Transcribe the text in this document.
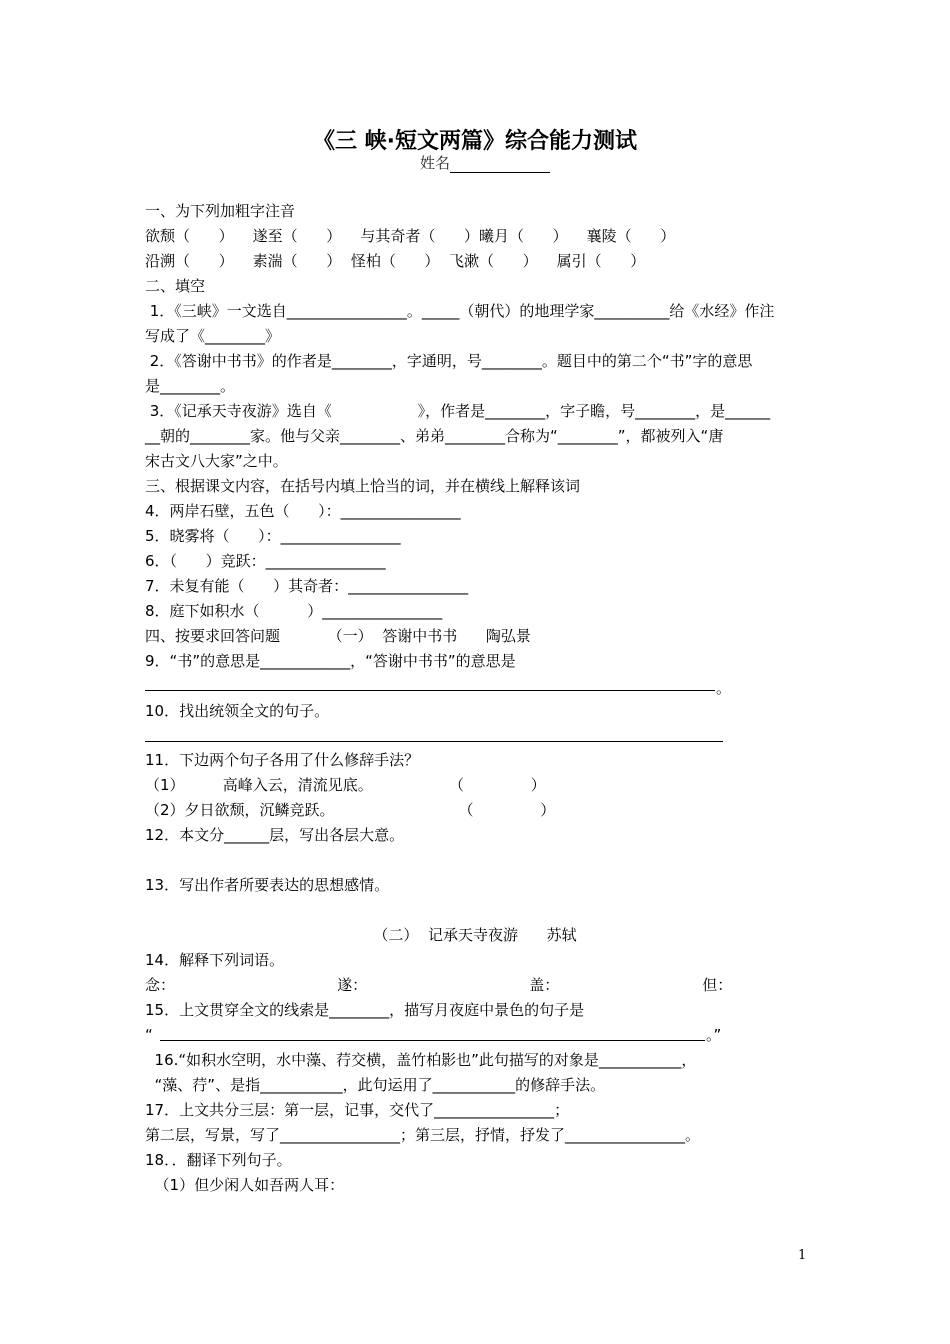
《三 峡·短文两篇》综合能力测试
姓名
一、为下列加粗字注音
欲颓（      ）    遂至（      ）    与其奇者（      ）曦月（      ）    襄陵（      ）
沿溯（      ）    素湍（      ）  怪柏（      ）  飞漱（      ）    属引（      ）
二、填空
1．《三峡》一文选自________________。_____（朝代）的地理学家__________给《水经》作注
写成了《________》
2．《答谢中书书》的作者是________，字通明，号________。题目中的第二个“书”字的意思
是________。
3．《记承天寺夜游》选自《                  》，作者是________，字子瞻，号________，是______
__朝的________家。他与父亲________、弟弟________合称为“________”，都被列入“唐
宋古文八大家”之中。
三、根据课文内容，在括号内填上恰当的词，并在横线上解释该词
4．两岸石壁，五色（      ）：________________
5．晓雾将（      ）：________________
6．（      ）竞跃：________________
7．未复有能（      ）其奇者：________________
8．庭下如积水（          ）________________
四、按要求回答问题          （一）  答谢中书书      陶弘景
9．“书”的意思是____________，“答谢中书书”的意思是
。
10．找出统领全文的句子。
11．下边两个句子各用了什么修辞手法？
（1）        高峰入云，清流见底。                （              ）
（2）夕日欲颓，沉鳞竞跃。                          （              ）
12．本文分______层，写出各层大意。
13．写出作者所要表达的思想感情。
（二）  记承天寺夜游      苏轼
14．解释下列词语。
念：                                  遂：                                  盖：                              但：
15．上文贯穿全文的线索是________，描写月夜庭中景色的句子是
“	。”
16.“如积水空明，水中藻、荇交横，盖竹柏影也”此句描写的对象是___________，
“藻、荇”、是指___________，此句运用了___________的修辞手法。
17．上文共分三层：第一层，记事，交代了________________；
第二层，写景，写了________________；第三层，抒情，抒发了________________。
18．．翻译下列句子。
（1）但少闲人如吾两人耳：
1
